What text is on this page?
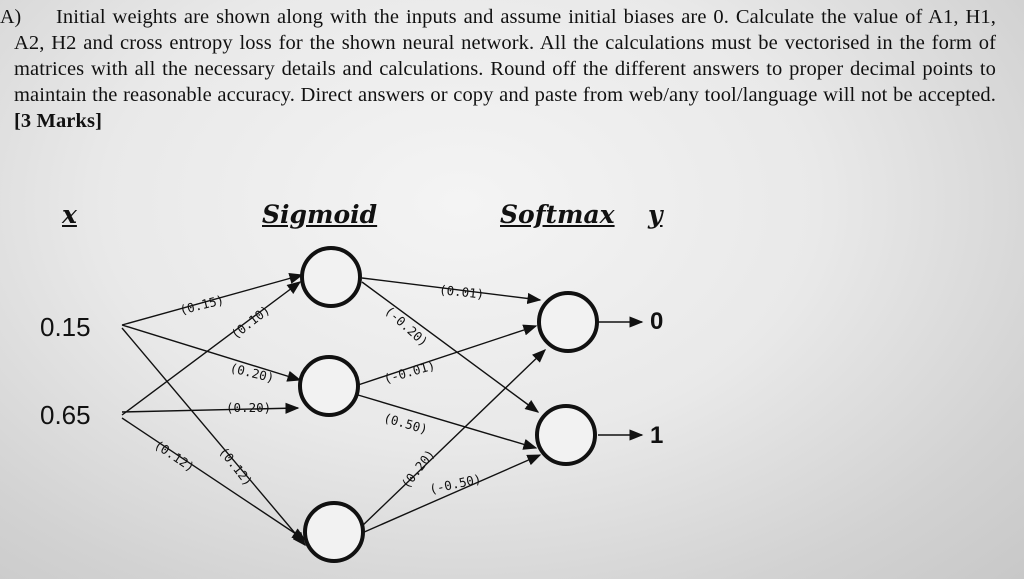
A)	Initial weights are shown along with the inputs and assume initial biases are 0. Calculate the value of A1, H1, A2, H2 and cross entropy loss for the shown neural network. All the calculations must be vectorised in the form of matrices with all the necessary details and calculations. Round off the different answers to proper decimal points to maintain the reasonable accuracy. Direct answers or copy and paste from web/any tool/language will not be accepted. [3 Marks]
x	Sigmoid	Softmax y
0.15
0.65
0
1
(0.15) (0.10)
(0.20)
(0.20)
(0.12) (0.12)
(0.01)
(-0.20)
(-0.01)
(0.50)
(0.20)
(-0.50)
